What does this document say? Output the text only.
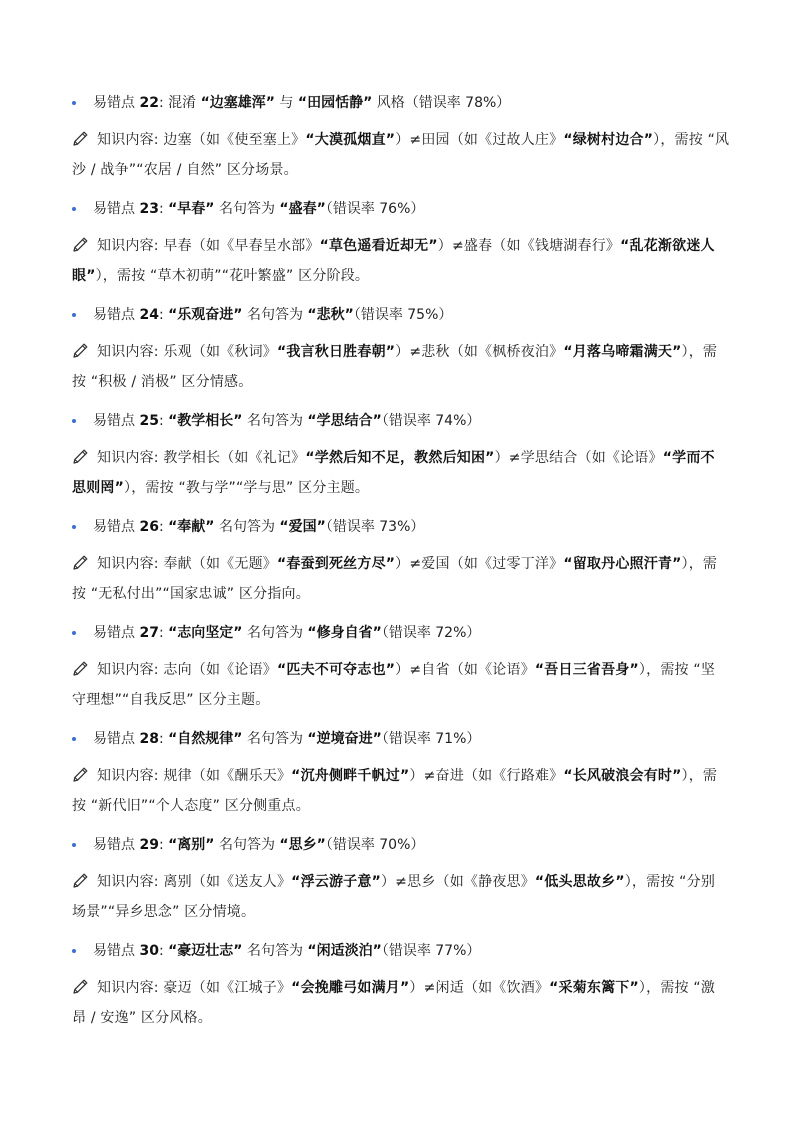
易错点 22: 混淆 “边塞雄浑” 与 “田园恬静” 风格（错误率 78%）
知识内容: 边塞（如《使至塞上》“大漠孤烟直”）≠田园（如《过故人庄》“绿树村边合”），需按 “风
沙 / 战争”“农居 / 自然” 区分场景。
易错点 23: “早春” 名句答为 “盛春”（错误率 76%）
知识内容: 早春（如《早春呈水部》“草色遥看近却无”）≠盛春（如《钱塘湖春行》“乱花渐欲迷人
眼”），需按 “草木初萌”“花叶繁盛” 区分阶段。
易错点 24: “乐观奋进” 名句答为 “悲秋”（错误率 75%）
知识内容: 乐观（如《秋词》“我言秋日胜春朝”）≠悲秋（如《枫桥夜泊》“月落乌啼霜满天”），需
按 “积极 / 消极” 区分情感。
易错点 25: “教学相长” 名句答为 “学思结合”（错误率 74%）
知识内容: 教学相长（如《礼记》“学然后知不足，教然后知困”）≠学思结合（如《论语》“学而不
思则罔”），需按 “教与学”“学与思” 区分主题。
易错点 26: “奉献” 名句答为 “爱国”（错误率 73%）
知识内容: 奉献（如《无题》“春蚕到死丝方尽”）≠爱国（如《过零丁洋》“留取丹心照汗青”），需
按 “无私付出”“国家忠诚” 区分指向。
易错点 27: “志向坚定” 名句答为 “修身自省”（错误率 72%）
知识内容: 志向（如《论语》“匹夫不可夺志也”）≠自省（如《论语》“吾日三省吾身”），需按 “坚
守理想”“自我反思” 区分主题。
易错点 28: “自然规律” 名句答为 “逆境奋进”（错误率 71%）
知识内容: 规律（如《酬乐天》“沉舟侧畔千帆过”）≠奋进（如《行路难》“长风破浪会有时”），需
按 “新代旧”“个人态度” 区分侧重点。
易错点 29: “离别” 名句答为 “思乡”（错误率 70%）
知识内容: 离别（如《送友人》“浮云游子意”）≠思乡（如《静夜思》“低头思故乡”），需按 “分别
场景”“异乡思念” 区分情境。
易错点 30: “豪迈壮志” 名句答为 “闲适淡泊”（错误率 77%）
知识内容: 豪迈（如《江城子》“会挽雕弓如满月”）≠闲适（如《饮酒》“采菊东篱下”），需按 “激
昂 / 安逸” 区分风格。
